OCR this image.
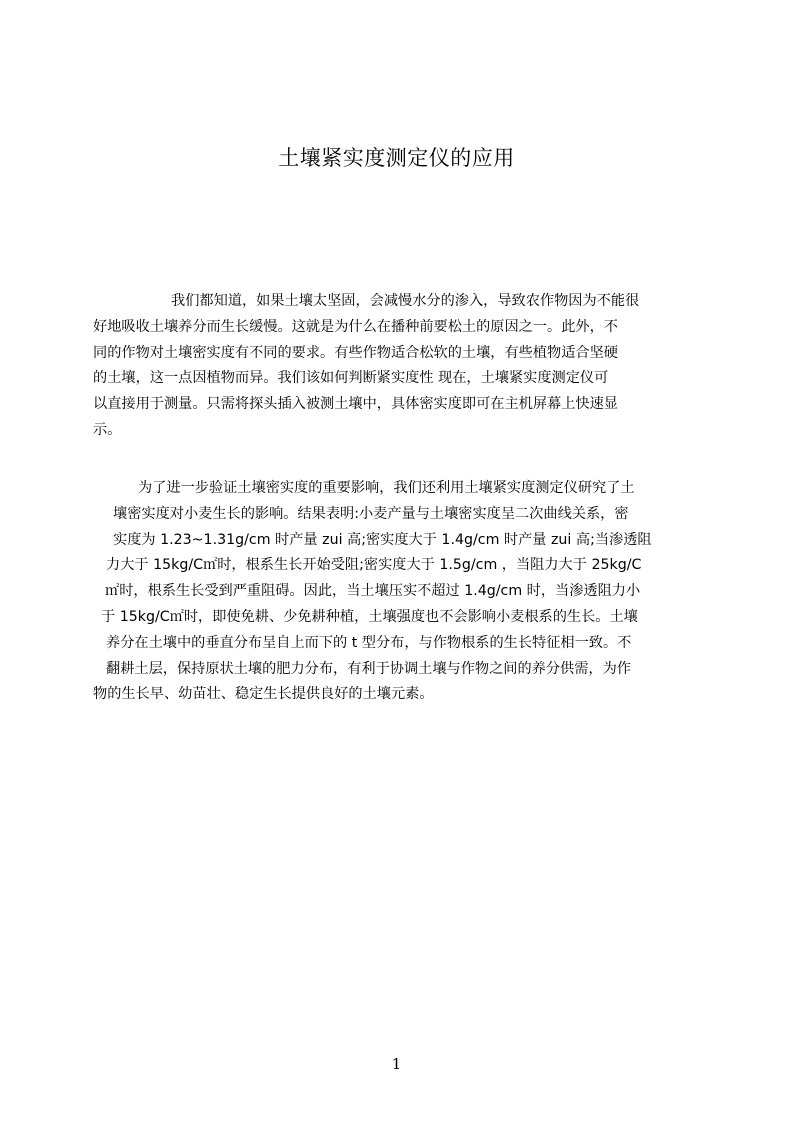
土壤紧实度测定仪的应用
我们都知道，如果土壤太坚固，会减慢水分的渗入，导致农作物因为不能很
好地吸收土壤养分而生长缓慢。这就是为什么在播种前要松土的原因之一。此外，不
同的作物对土壤密实度有不同的要求。有些作物适合松软的土壤，有些植物适合坚硬
的土壤，这一点因植物而异。我们该如何判断紧实度性 现在，土壤紧实度测定仪可
以直接用于测量。只需将探头插入被测土壤中，具体密实度即可在主机屏幕上快速显
示。
为了进一步验证土壤密实度的重要影响，我们还利用土壤紧实度测定仪研究了土
壤密实度对小麦生长的影响。结果表明:小麦产量与土壤密实度呈二次曲线关系，密
实度为 1.23~1.31g/cm 时产量 zui 高;密实度大于 1.4g/cm 时产量 zui 高;当渗透阻
力大于 15kg/C㎡时，根系生长开始受阻;密实度大于 1.5g/cm ，当阻力大于 25kg/C
㎡时，根系生长受到严重阻碍。因此，当土壤压实不超过 1.4g/cm 时，当渗透阻力小
于 15kg/C㎡时，即使免耕、少免耕种植，土壤强度也不会影响小麦根系的生长。土壤
养分在土壤中的垂直分布呈自上而下的 t 型分布，与作物根系的生长特征相一致。不
翻耕土层，保持原状土壤的肥力分布，有利于协调土壤与作物之间的养分供需，为作
物的生长早、幼苗壮、稳定生长提供良好的土壤元素。
1
